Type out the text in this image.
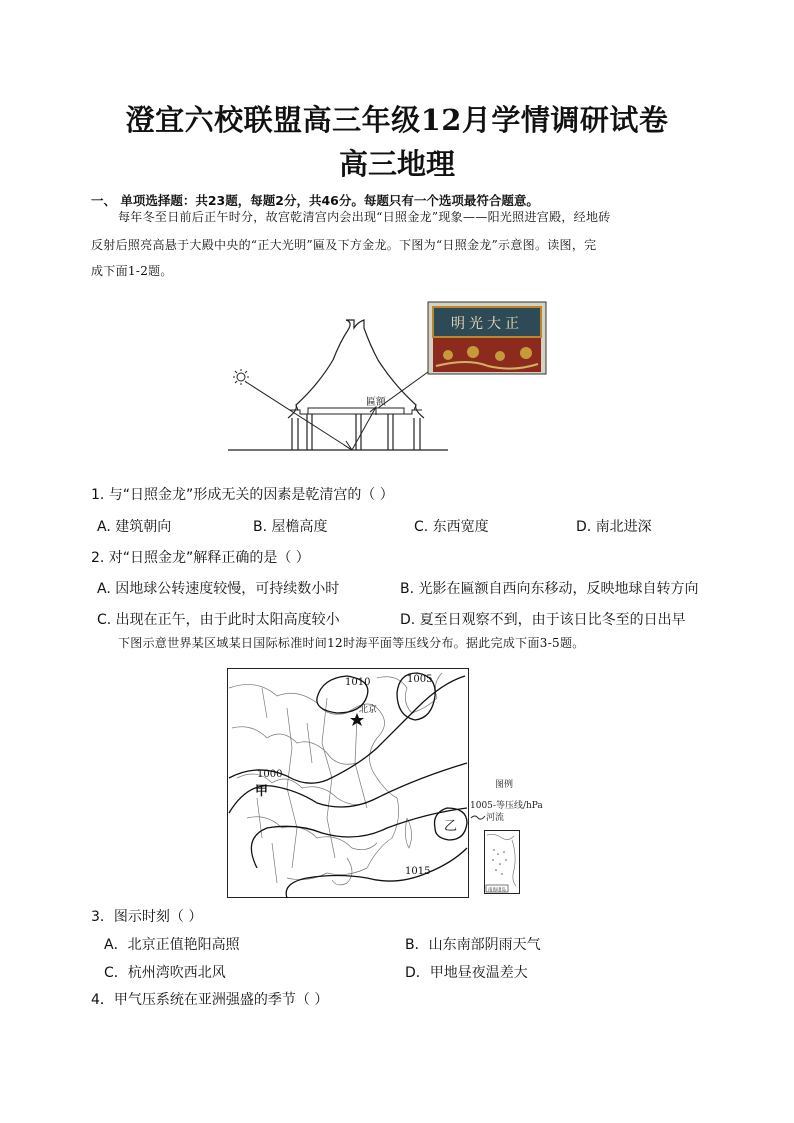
澄宜六校联盟高三年级12月学情调研试卷
高三地理
一、 单项选择题：共23题，每题2分，共46分。每题只有一个选项最符合题意。
每年冬至日前后正午时分，故宫乾清宫内会出现“日照金龙”现象——阳光照进宫殿，经地砖
反射后照亮高悬于大殿中央的“正大光明”匾及下方金龙。下图为“日照金龙”示意图。读图，完
成下面1-2题。
明光大正
匾额
1. 与“日照金龙”形成无关的因素是乾清宫的（ ）
A. 建筑朝向	B. 屋檐高度	C. 东西宽度	D. 南北进深
2. 对“日照金龙”解释正确的是（ ）
A. 因地球公转速度较慢，可持续数小时	B. 光影在匾额自西向东移动，反映地球自转方向
C. 出现在正午，由于此时太阳高度较小	D. 夏至日观察不到，由于该日比冬至的日出早
下图示意世界某区域某日国际标准时间12时海平面等压线分布。据此完成下面3-5题。
北京
1010	1005
1000
1015
甲
乙
图例
1005-等压线/hPa
河流
南海诸岛
3．图示时刻（ ）
A．北京正值艳阳高照	B．山东南部阴雨天气
C．杭州湾吹西北风	D．甲地昼夜温差大
4．甲气压系统在亚洲强盛的季节（ ）
